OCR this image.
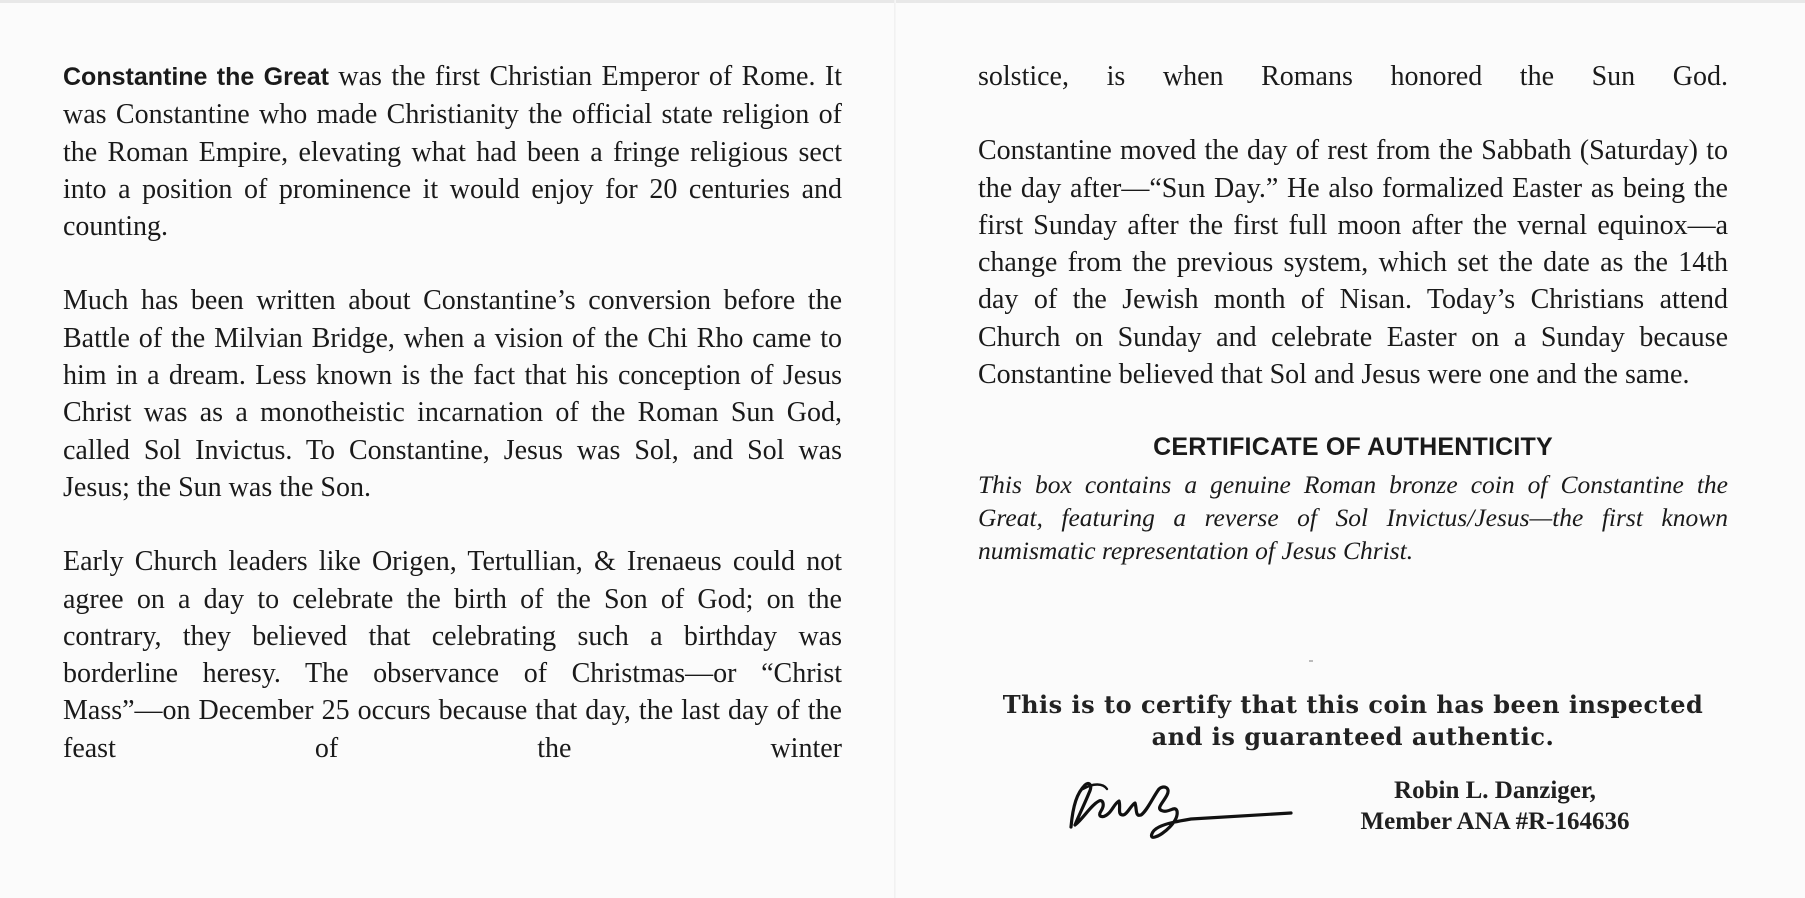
Constantine the Great was the first Christian Emperor of Rome. It was Constantine who made Christianity the official state religion of the Roman Empire, elevating what had been a fringe religious sect into a position of prominence it would enjoy for 20 centuries and counting.

Much has been written about Constantine’s conversion before the Battle of the Milvian Bridge, when a vision of the Chi Rho came to him in a dream. Less known is the fact that his conception of Jesus Christ was as a monotheistic incarnation of the Roman Sun God, called Sol Invictus. To Constantine, Jesus was Sol, and Sol was Jesus; the Sun was the Son.

Early Church leaders like Origen, Tertullian, & Irenaeus could not agree on a day to celebrate the birth of the Son of God; on the contrary, they believed that celebrating such a birthday was borderline heresy. The observance of Christmas—or “Christ Mass”—on December 25 occurs because that day, the last day of the feast of the winter

solstice, is when Romans honored the Sun God.

Constantine moved the day of rest from the Sabbath (Saturday) to the day after—“Sun Day.” He also formalized Easter as being the first Sunday after the first full moon after the vernal equinox—a change from the previous system, which set the date as the 14th day of the Jewish month of Nisan. Today’s Christians attend Church on Sunday and celebrate Easter on a Sunday because Constantine believed that Sol and Jesus were one and the same.

CERTIFICATE OF AUTHENTICITY

This box contains a genuine Roman bronze coin of Constantine the Great, featuring a reverse of Sol Invictus/Jesus—the first known numismatic representation of Jesus Christ.

This is to certify that this coin has been inspected
and is guaranteed authentic.
Robin L. Danziger,
Member ANA #R-164636
